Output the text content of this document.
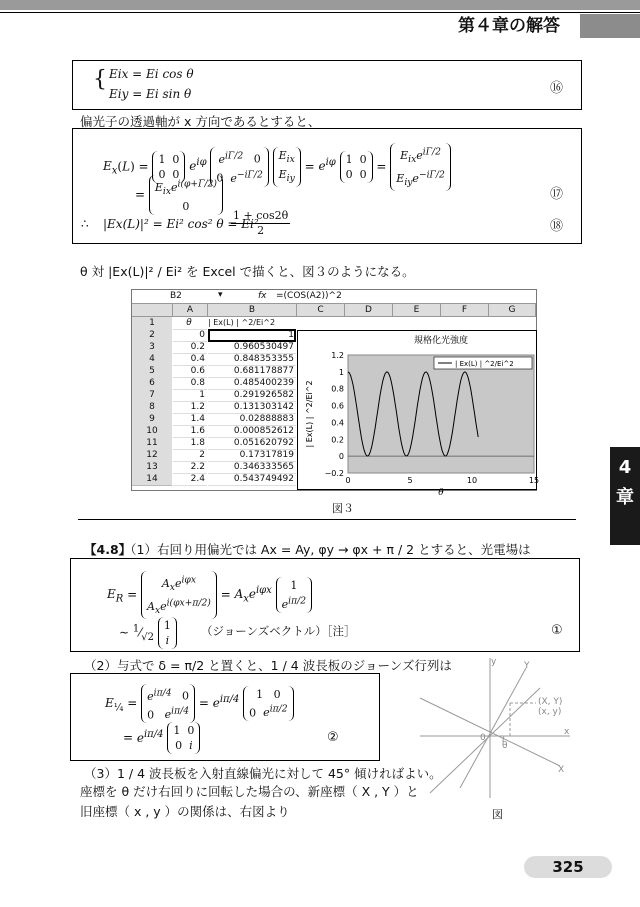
第４章の解答
4
章
{ Eix = Ei cos θ
Eiy = Ei sin θ	⑯
偏光子の透過軸が x 方向であるとすると、
$E_x(L) = 1$  0
0  0 $e^{i\varphi}$ $e^{i\Gamma/2}$   0
0  $e^{-i\Gamma/2}$ $E_{ix}$
$E_{iy} = e^{i\varphi}$ 1  0
0  $0 = E_{ix}e^{i\Gamma/2}$
$E_{iy}e^{-i\Gamma/2}$
= $E_{ix}e^{i(\varphi+\Gamma/2)}$
0
⑰
∴ |Ex(L)|² = Ei² cos² θ = Ei²
$\frac{1 + \cos 2\theta}{2}$	⑱
θ 対 |Ex(L)|² / Ei² を Excel で描くと、図３のようになる。
B2	▾	fx =(COS(A2))^2
A	B	C	D	E	F	G
1	θ	| Ex(L) | ^2/Ei^2
2	0	1
3	0.2	0.960530497
4	0.4	0.848353355
5	0.6	0.681178877
6	0.8	0.485400239
7	1	0.291926582
8	1.2	0.131303142
9	1.4	0.02888883
10	1.6	0.000852612
11	1.8	0.051620792
12	2	0.17317819
13	2.2	0.346333565
14	2.4	0.543749492
規格化光強度
−0.2
0
0.2
0.4
0.6
0.8
1
1.2
0	5	10	15
θ
| Ex(L) | ^2/Ei^2
| Ex(L) | ^2/Ei^2
図３
【4.8】
（1）右回り用偏光では Ax = Ay, φy → φx + π / 2 とすると、光電場は
$E_R = A_xe^{i\varphi x}$
$A_xe^{i(\varphi x+\pi/2)} = A_xe^{i\varphi x}$ 1
$e^{i\pi/2}$
∼ $^1⁄_{√2}$ 1
i
（ジョーンズベクトル）［注］	①
（2）与式で δ = π/2 と置くと、1 / 4 波長板のジョーンズ行列は
$E_{\frac{1}{4}} = e^{i\pi/4}$   0
0   $e^{i\pi/4} = e^{i\pi/4}$ 1   0
0  $e^{i\pi/2}$
= $e^{i\pi/4}$ 1  0
0  i
②
（3）1 / 4 波長板を入射直線偏光に対して 45° 傾ければよい。
座標を θ だけ右回りに回転した場合の、新座標（ X , Y ）と
旧座標（ x , y ）の関係は、右図より
y	Y
x
X
0
θ
(X, Y)
(x, y)
図
325
